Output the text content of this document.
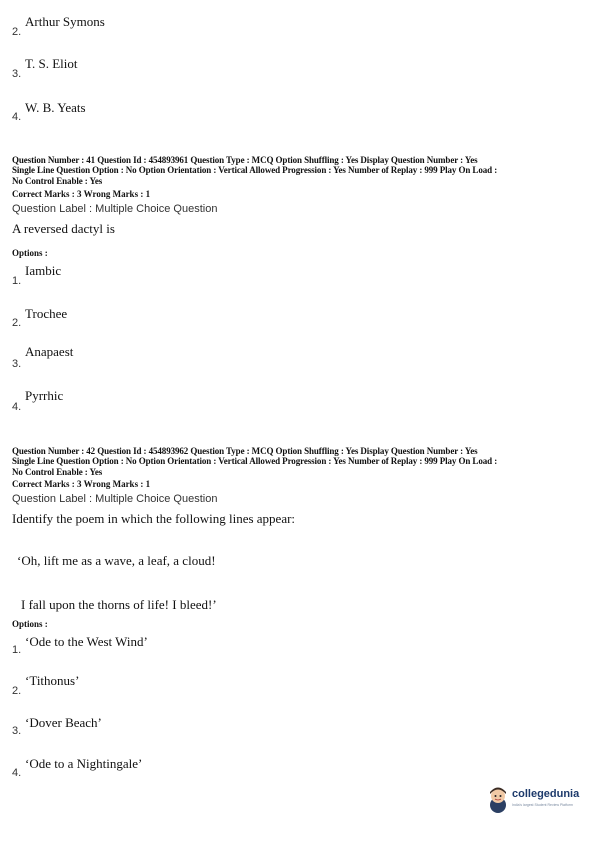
2.
Arthur Symons
3.
T. S. Eliot
4.
W. B. Yeats
Question Number : 41 Question Id : 454893961 Question Type : MCQ Option Shuffling : Yes Display Question Number : Yes
Single Line Question Option : No Option Orientation : Vertical Allowed Progression : Yes Number of Replay : 999 Play On Load :
No Control Enable : Yes
Correct Marks : 3 Wrong Marks : 1
Question Label : Multiple Choice Question
A reversed dactyl is
Options :
1.
Iambic
2.
Trochee
3.
Anapaest
4.
Pyrrhic
Question Number : 42 Question Id : 454893962 Question Type : MCQ Option Shuffling : Yes Display Question Number : Yes
Single Line Question Option : No Option Orientation : Vertical Allowed Progression : Yes Number of Replay : 999 Play On Load :
No Control Enable : Yes
Correct Marks : 3 Wrong Marks : 1
Question Label : Multiple Choice Question
Identify the poem in which the following lines appear:
‘Oh, lift me as a wave, a leaf, a cloud!
I fall upon the thorns of life! I bleed!’
Options :
1.
‘Ode to the West Wind’
2.
‘Tithonus’
3.
‘Dover Beach’
4.
‘Ode to a Nightingale’
collegedunia
India's largest Student Review Platform
